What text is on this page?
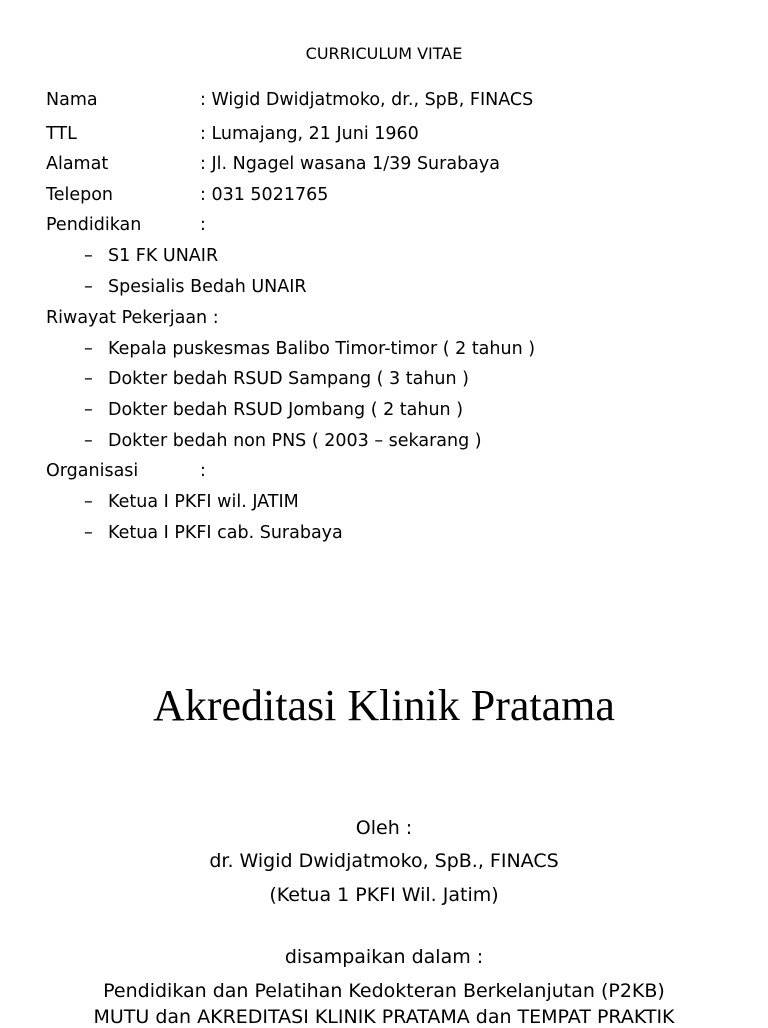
CURRICULUM VITAE
Nama	: Wigid Dwidjatmoko, dr., SpB, FINACS
TTL	: Lumajang, 21 Juni 1960
Alamat	: Jl. Ngagel wasana 1/39 Surabaya
Telepon	: 031 5021765
Pendidikan	:
– S1 FK UNAIR
– Spesialis Bedah UNAIR
Riwayat Pekerjaan :
– Kepala puskesmas Balibo Timor-timor ( 2 tahun )
– Dokter bedah RSUD Sampang ( 3 tahun )
– Dokter bedah RSUD Jombang ( 2 tahun )
– Dokter bedah non PNS ( 2003 – sekarang )
Organisasi	:
– Ketua I PKFI wil. JATIM
– Ketua I PKFI cab. Surabaya
Akreditasi Klinik Pratama
Oleh :
dr. Wigid Dwidjatmoko, SpB., FINACS
(Ketua 1 PKFI Wil. Jatim)
disampaikan dalam :
Pendidikan dan Pelatihan Kedokteran Berkelanjutan (P2KB)
MUTU dan AKREDITASI KLINIK PRATAMA dan TEMPAT PRAKTIK
